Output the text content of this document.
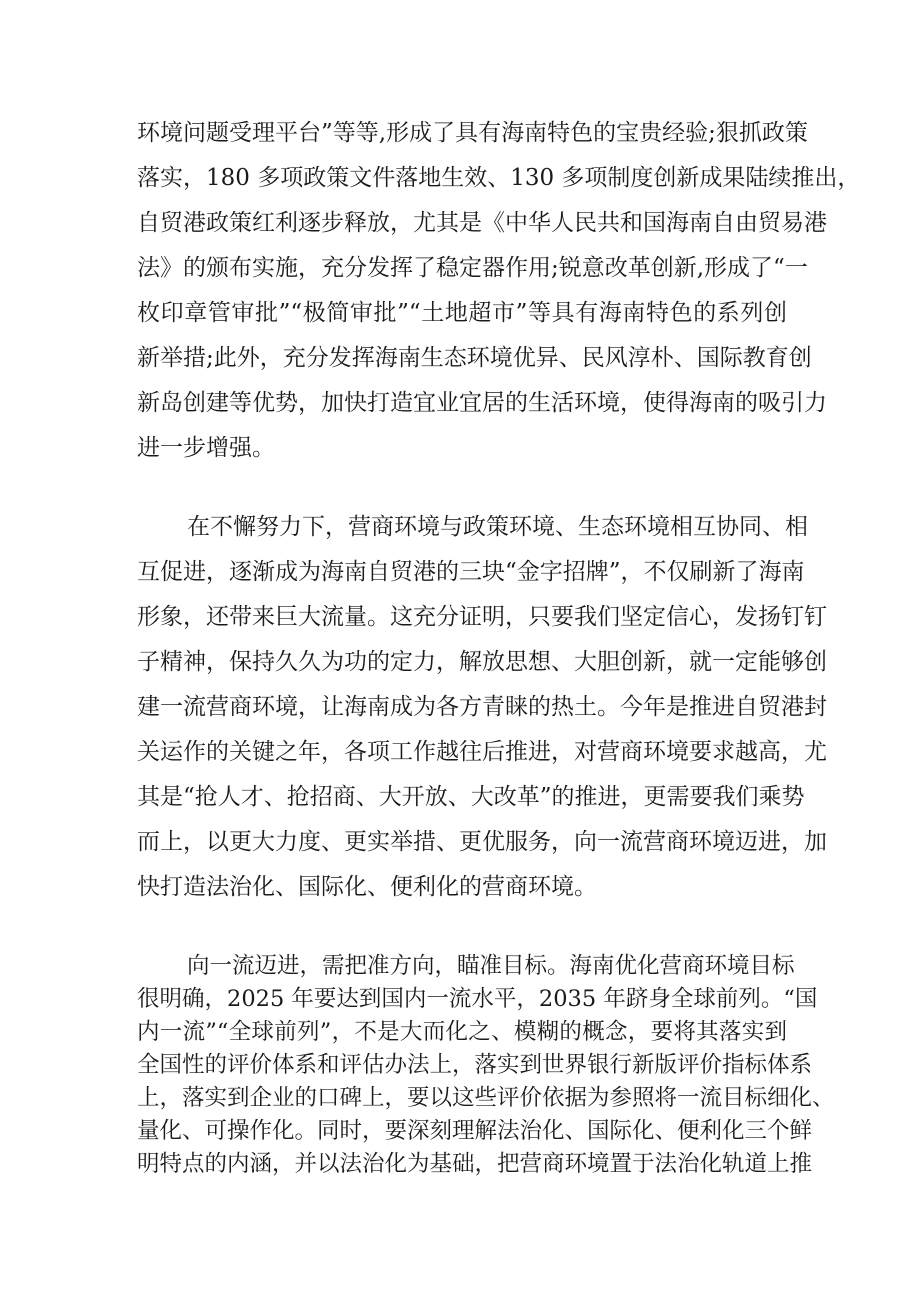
环境问题受理平台”等等,形成了具有海南特色的宝贵经验;狠抓政策
落实，180 多项政策文件落地生效、130 多项制度创新成果陆续推出，
自贸港政策红利逐步释放，尤其是《中华人民共和国海南自由贸易港
法》的颁布实施，充分发挥了稳定器作用;锐意改革创新,形成了“一
枚印章管审批”“极简审批”“土地超市”等具有海南特色的系列创
新举措;此外，充分发挥海南生态环境优异、民风淳朴、国际教育创
新岛创建等优势，加快打造宜业宜居的生活环境，使得海南的吸引力
进一步增强。
在不懈努力下，营商环境与政策环境、生态环境相互协同、相
互促进，逐渐成为海南自贸港的三块“金字招牌”，不仅刷新了海南
形象，还带来巨大流量。这充分证明，只要我们坚定信心，发扬钉钉
子精神，保持久久为功的定力，解放思想、大胆创新，就一定能够创
建一流营商环境，让海南成为各方青睐的热土。今年是推进自贸港封
关运作的关键之年，各项工作越往后推进，对营商环境要求越高，尤
其是“抢人才、抢招商、大开放、大改革”的推进，更需要我们乘势
而上，以更大力度、更实举措、更优服务，向一流营商环境迈进，加
快打造法治化、国际化、便利化的营商环境。
向一流迈进，需把准方向，瞄准目标。海南优化营商环境目标
很明确，2025 年要达到国内一流水平，2035 年跻身全球前列。“国
内一流”“全球前列”，不是大而化之、模糊的概念，要将其落实到
全国性的评价体系和评估办法上，落实到世界银行新版评价指标体系
上，落实到企业的口碑上，要以这些评价依据为参照将一流目标细化、
量化、可操作化。同时，要深刻理解法治化、国际化、便利化三个鲜
明特点的内涵，并以法治化为基础，把营商环境置于法治化轨道上推
